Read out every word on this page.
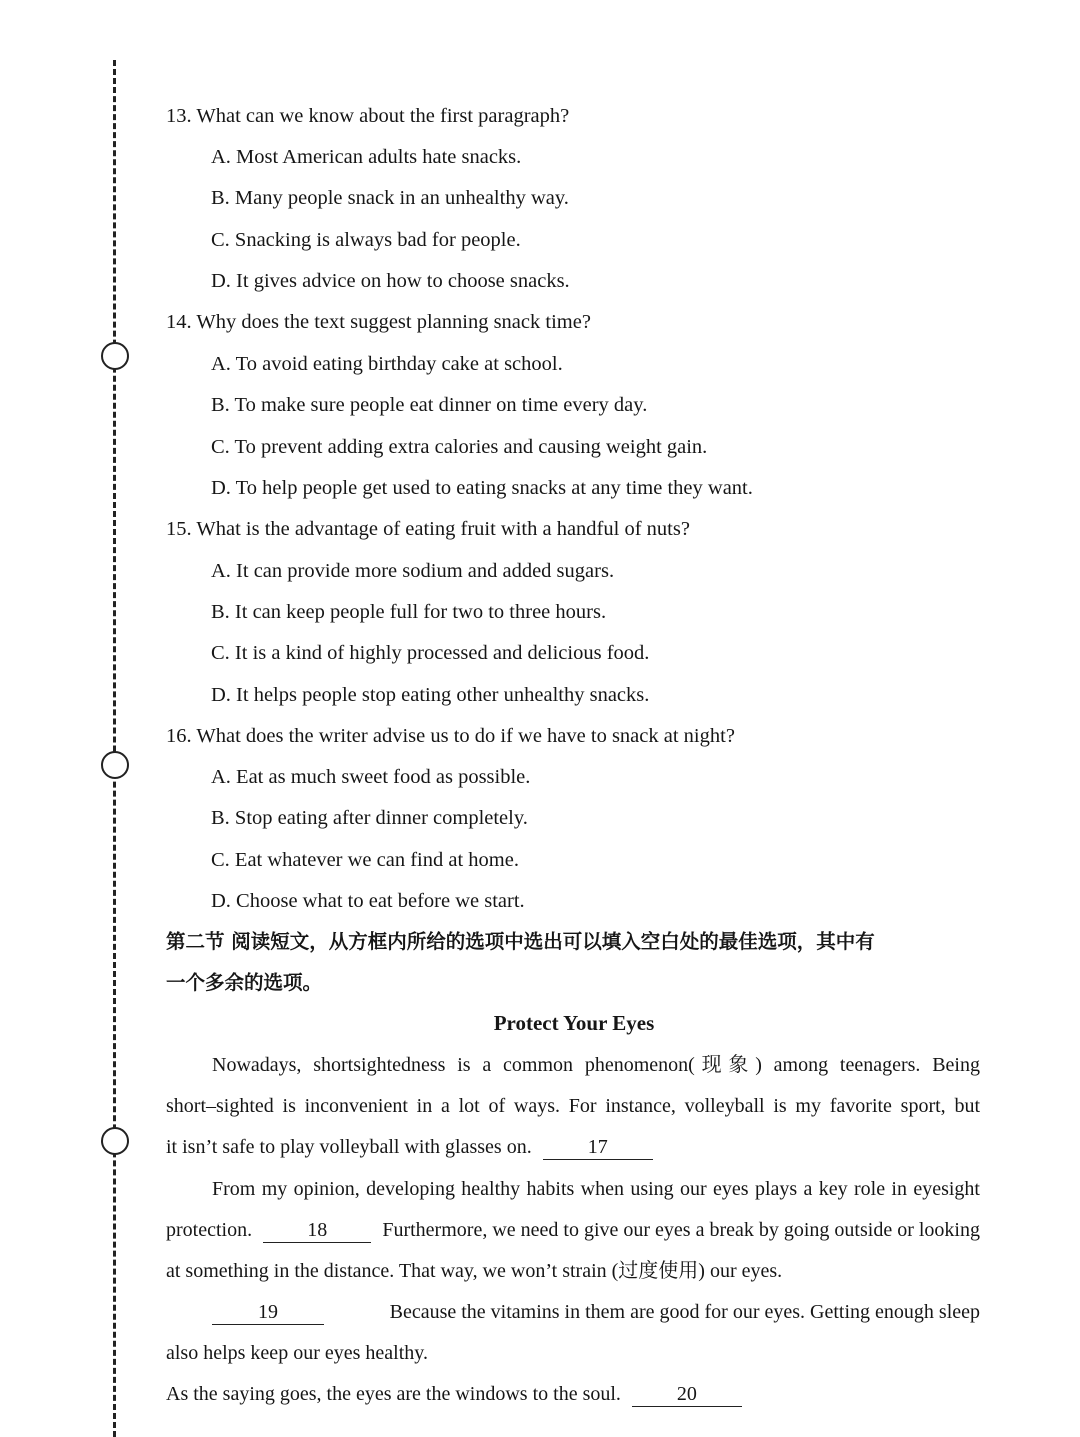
13. What can we know about the first paragraph?
A. Most American adults hate snacks.
B. Many people snack in an unhealthy way.
C. Snacking is always bad for people.
D. It gives advice on how to choose snacks.
14. Why does the text suggest planning snack time?
A. To avoid eating birthday cake at school.
B. To make sure people eat dinner on time every day.
C. To prevent adding extra calories and causing weight gain.
D. To help people get used to eating snacks at any time they want.
15. What is the advantage of eating fruit with a handful of nuts?
A. It can provide more sodium and added sugars.
B. It can keep people full for two to three hours.
C. It is a kind of highly processed and delicious food.
D. It helps people stop eating other unhealthy snacks.
16. What does the writer advise us to do if we have to snack at night?
A. Eat as much sweet food as possible.
B. Stop eating after dinner completely.
C. Eat whatever we can find at home.
D. Choose what to eat before we start.
第二节 阅读短文，从方框内所给的选项中选出可以填入空白处的最佳选项，其中有
一个多余的选项。
Protect Your Eyes
Nowadays, shortsightedness is a common phenomenon(现象) among teenagers. Being
short–sighted is inconvenient in a lot of ways. For instance, volleyball is my favorite sport, but
it isn’t safe to play volleyball with glasses on.	17
From my opinion, developing healthy habits when using our eyes plays a key role in eyesight
protection.	18	Furthermore, we need to give our eyes a break by going outside or looking
at something in the distance. That way, we won’t strain (过度使用) our eyes.
19	Because the vitamins in them are good for our eyes. Getting enough sleep
also helps keep our eyes healthy.
As the saying goes, the eyes are the windows to the soul.	20
